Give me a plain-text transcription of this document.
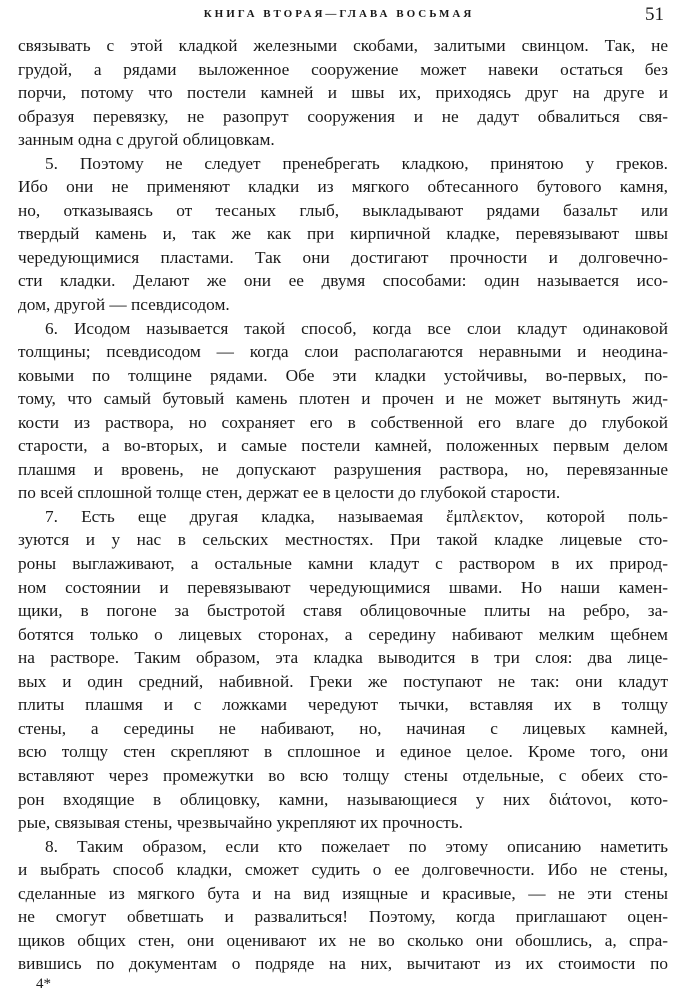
КНИГА ВТОРАЯ—ГЛАВА ВОСЬМАЯ	51
связывать с этой кладкой железными скобами, залитыми свинцом. Так, не
грудой, а рядами выложенное сооружение может навеки остаться без
порчи, потому что постели камней и швы их, приходясь друг на друге и
образуя перевязку, не разопрут сооружения и не дадут обвалиться свя-
занным одна с другой облицовкам.
5. Поэтому не следует пренебрегать кладкою, принятою у греков.
Ибо они не применяют кладки из мягкого обтесанного бутового камня,
но, отказываясь от тесаных глыб, выкладывают рядами базальт или
твердый камень и, так же как при кирпичной кладке, перевязывают швы
чередующимися пластами. Так они достигают прочности и долговечно-
сти кладки. Делают же они ее двумя способами: один называется исо-
дом, другой — псевдисодом.
6. Исодом называется такой способ, когда все слои кладут одинаковой
толщины; псевдисодом — когда слои располагаются неравными и неодина-
ковыми по толщине рядами. Обе эти кладки устойчивы, во-первых, по-
тому, что самый бутовый камень плотен и прочен и не может вытянуть жид-
кости из раствора, но сохраняет его в собственной его влаге до глубокой
старости, а во-вторых, и самые постели камней, положенных первым делом
плашмя и вровень, не допускают разрушения раствора, но, перевязанные
по всей сплошной толще стен, держат ее в целости до глубокой старости.
7. Есть еще другая кладка, называемая ἔμπλεκτον, которой поль-
зуются и у нас в сельских местностях. При такой кладке лицевые сто-
роны выглаживают, а остальные камни кладут с раствором в их природ-
ном состоянии и перевязывают чередующимися швами. Но наши камен-
щики, в погоне за быстротой ставя облицовочные плиты на ребро, за-
ботятся только о лицевых сторонах, а середину набивают мелким щебнем
на растворе. Таким образом, эта кладка выводится в три слоя: два лице-
вых и один средний, набивной. Греки же поступают не так: они кладут
плиты плашмя и с ложками чередуют тычки, вставляя их в толщу
стены, а середины не набивают, но, начиная с лицевых камней,
всю толщу стен скрепляют в сплошное и единое целое. Кроме того, они
вставляют через промежутки во всю толщу стены отдельные, с обеих сто-
рон входящие в облицовку, камни, называющиеся у них διάτονοι, кото-
рые, связывая стены, чрезвычайно укрепляют их прочность.
8. Таким образом, если кто пожелает по этому описанию наметить
и выбрать способ кладки, сможет судить о ее долговечности. Ибо не стены,
сделанные из мягкого бута и на вид изящные и красивые, — не эти стены
не смогут обветшать и развалиться! Поэтому, когда приглашают оцен-
щиков общих стен, они оценивают их не во сколько они обошлись, а, спра-
вившись по документам о подряде на них, вычитают из их стоимости по
4*
